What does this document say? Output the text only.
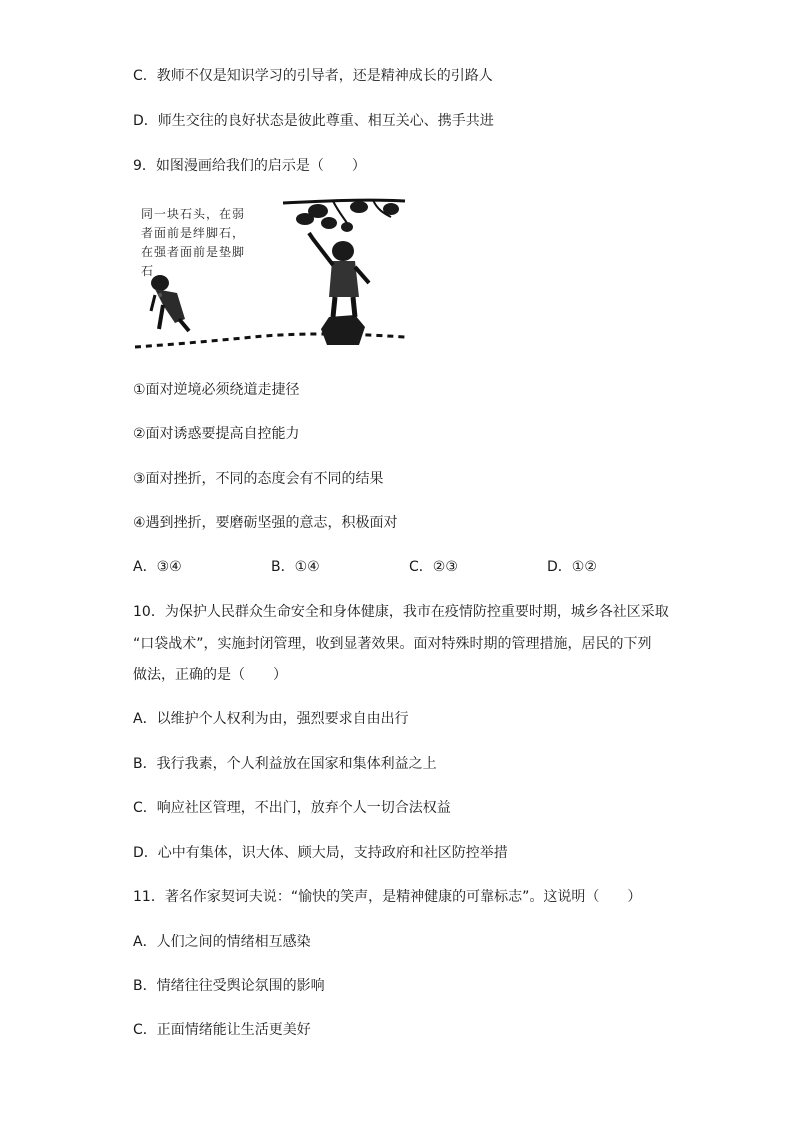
C．教师不仅是知识学习的引导者，还是精神成长的引路人
D．师生交往的良好状态是彼此尊重、相互关心、携手共进
9．如图漫画给我们的启示是（　　）
同一块石头，在弱者面前是绊脚石，在强者面前是垫脚石
①面对逆境必须绕道走捷径
②面对诱惑要提高自控能力
③面对挫折，不同的态度会有不同的结果
④遇到挫折，要磨砺坚强的意志，积极面对
A．③④	B．①④	C．②③	D．①②
10．为保护人民群众生命安全和身体健康，我市在疫情防控重要时期，城乡各社区采取
“口袋战术”，实施封闭管理，收到显著效果。面对特殊时期的管理措施，居民的下列
做法，正确的是（　　）
A．以维护个人权利为由，强烈要求自由出行
B．我行我素，个人利益放在国家和集体利益之上
C．响应社区管理，不出门，放弃个人一切合法权益
D．心中有集体，识大体、顾大局，支持政府和社区防控举措
11．著名作家契诃夫说：“愉快的笑声，是精神健康的可靠标志”。这说明（　　）
A．人们之间的情绪相互感染
B．情绪往往受舆论氛围的影响
C．正面情绪能让生活更美好
